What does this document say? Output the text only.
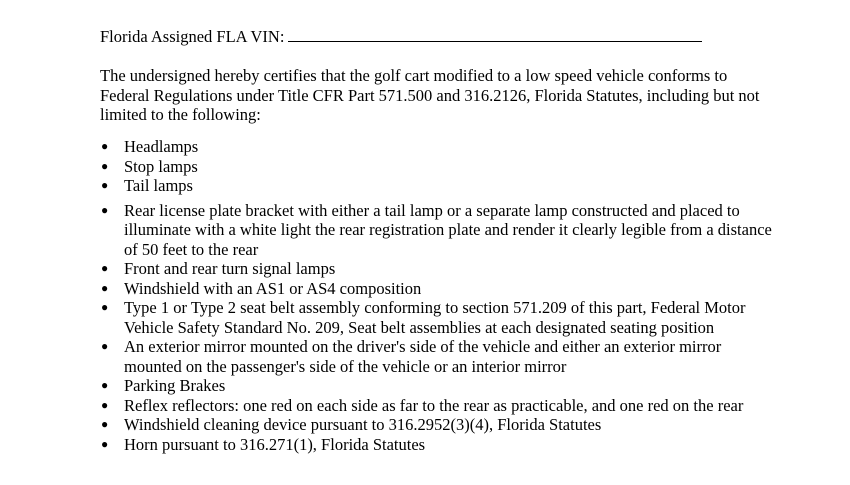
Florida Assigned FLA VIN:

The undersigned hereby certifies that the golf cart modified to a low speed vehicle conforms to Federal Regulations under Title CFR Part 571.500 and 316.2126, Florida Statutes, including but not limited to the following:

● Headlamps
● Stop lamps
● Tail lamps
● Rear license plate bracket with either a tail lamp or a separate lamp constructed and placed to illuminate with a white light the rear registration plate and render it clearly legible from a distance of 50 feet to the rear
● Front and rear turn signal lamps
● Windshield with an AS1 or AS4 composition
● Type 1 or Type 2 seat belt assembly conforming to section 571.209 of this part, Federal Motor Vehicle Safety Standard No. 209, Seat belt assemblies at each designated seating position
● An exterior mirror mounted on the driver's side of the vehicle and either an exterior mirror mounted on the passenger's side of the vehicle or an interior mirror
● Parking Brakes
● Reflex reflectors: one red on each side as far to the rear as practicable, and one red on the rear
● Windshield cleaning device pursuant to 316.2952(3)(4), Florida Statutes
● Horn pursuant to 316.271(1), Florida Statutes
